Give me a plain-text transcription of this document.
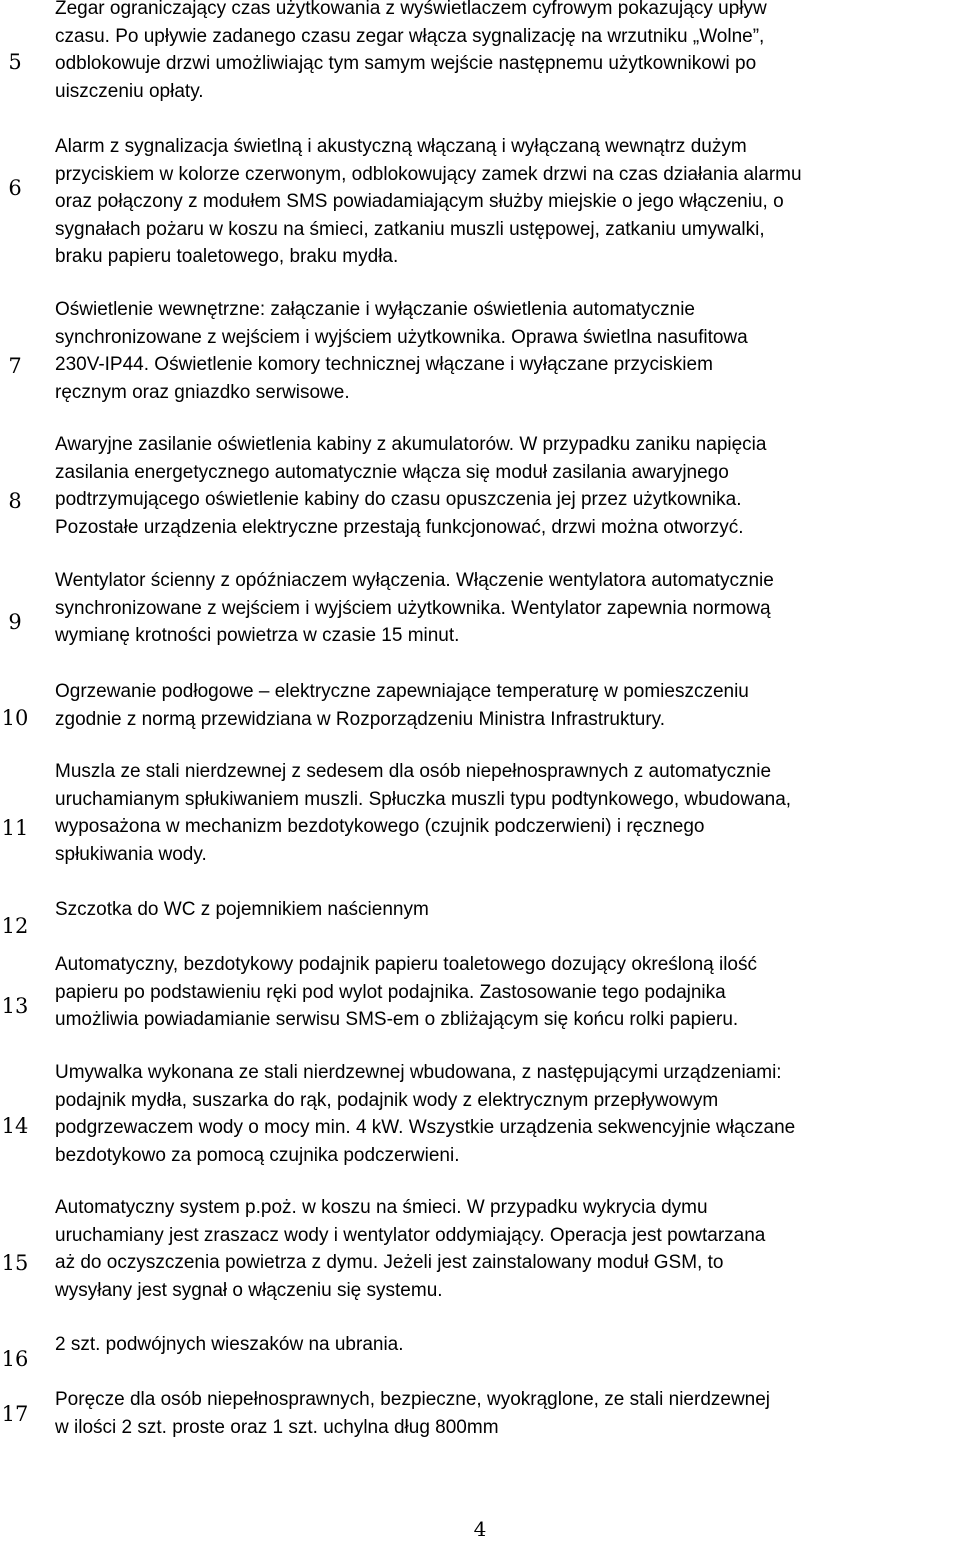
5
Zegar ograniczający czas użytkowania z wyświetlaczem cyfrowym pokazujący upływ
czasu. Po upływie zadanego czasu zegar włącza sygnalizację na wrzutniku „Wolne”,
odblokowuje drzwi umożliwiając tym samym wejście następnemu użytkownikowi po
uiszczeniu opłaty.
6
Alarm z sygnalizacja świetlną i akustyczną włączaną i wyłączaną wewnątrz dużym
przyciskiem w kolorze czerwonym, odblokowujący zamek drzwi na czas działania alarmu
oraz połączony z modułem SMS powiadamiającym służby miejskie o jego włączeniu, o
sygnałach pożaru w koszu na śmieci, zatkaniu muszli ustępowej, zatkaniu umywalki,
braku papieru toaletowego, braku mydła.
7
Oświetlenie wewnętrzne: załączanie i wyłączanie oświetlenia automatycznie
synchronizowane z wejściem i wyjściem użytkownika. Oprawa świetlna nasufitowa
230V-IP44. Oświetlenie komory technicznej włączane i wyłączane przyciskiem
ręcznym oraz gniazdko serwisowe.
8
Awaryjne zasilanie oświetlenia kabiny z akumulatorów. W przypadku zaniku napięcia
zasilania energetycznego automatycznie włącza się moduł zasilania awaryjnego
podtrzymującego oświetlenie kabiny do czasu opuszczenia jej przez użytkownika.
Pozostałe urządzenia elektryczne przestają funkcjonować, drzwi można otworzyć.
9
Wentylator ścienny z opóźniaczem wyłączenia. Włączenie wentylatora automatycznie
synchronizowane z wejściem i wyjściem użytkownika. Wentylator zapewnia normową
wymianę krotności powietrza w czasie 15 minut.
10
Ogrzewanie podłogowe – elektryczne zapewniające temperaturę w pomieszczeniu
zgodnie z normą przewidziana w Rozporządzeniu Ministra Infrastruktury.
11
Muszla ze stali nierdzewnej z sedesem dla osób niepełnosprawnych z automatycznie
uruchamianym spłukiwaniem muszli. Spłuczka muszli typu podtynkowego, wbudowana,
wyposażona w mechanizm bezdotykowego (czujnik podczerwieni) i ręcznego
spłukiwania wody.
12
Szczotka do WC z pojemnikiem naściennym
13
Automatyczny, bezdotykowy podajnik papieru toaletowego dozujący określoną ilość
papieru po podstawieniu ręki pod wylot podajnika. Zastosowanie tego podajnika
umożliwia powiadamianie serwisu SMS-em o zbliżającym się końcu rolki papieru.
14
Umywalka wykonana ze stali nierdzewnej wbudowana, z następującymi urządzeniami:
podajnik mydła, suszarka do rąk, podajnik wody z elektrycznym przepływowym
podgrzewaczem wody o mocy min. 4 kW. Wszystkie urządzenia sekwencyjnie włączane
bezdotykowo za pomocą czujnika podczerwieni.
15
Automatyczny system p.poż. w koszu na śmieci. W przypadku wykrycia dymu
uruchamiany jest zraszacz wody i wentylator oddymiający. Operacja jest powtarzana
aż do oczyszczenia powietrza z dymu. Jeżeli jest zainstalowany moduł GSM, to
wysyłany jest sygnał o włączeniu się systemu.
16
2 szt. podwójnych wieszaków na ubrania.
17
Poręcze dla osób niepełnosprawnych, bezpieczne, wyokrąglone, ze stali nierdzewnej
w ilości 2 szt. proste oraz 1 szt. uchylna dług 800mm
4
